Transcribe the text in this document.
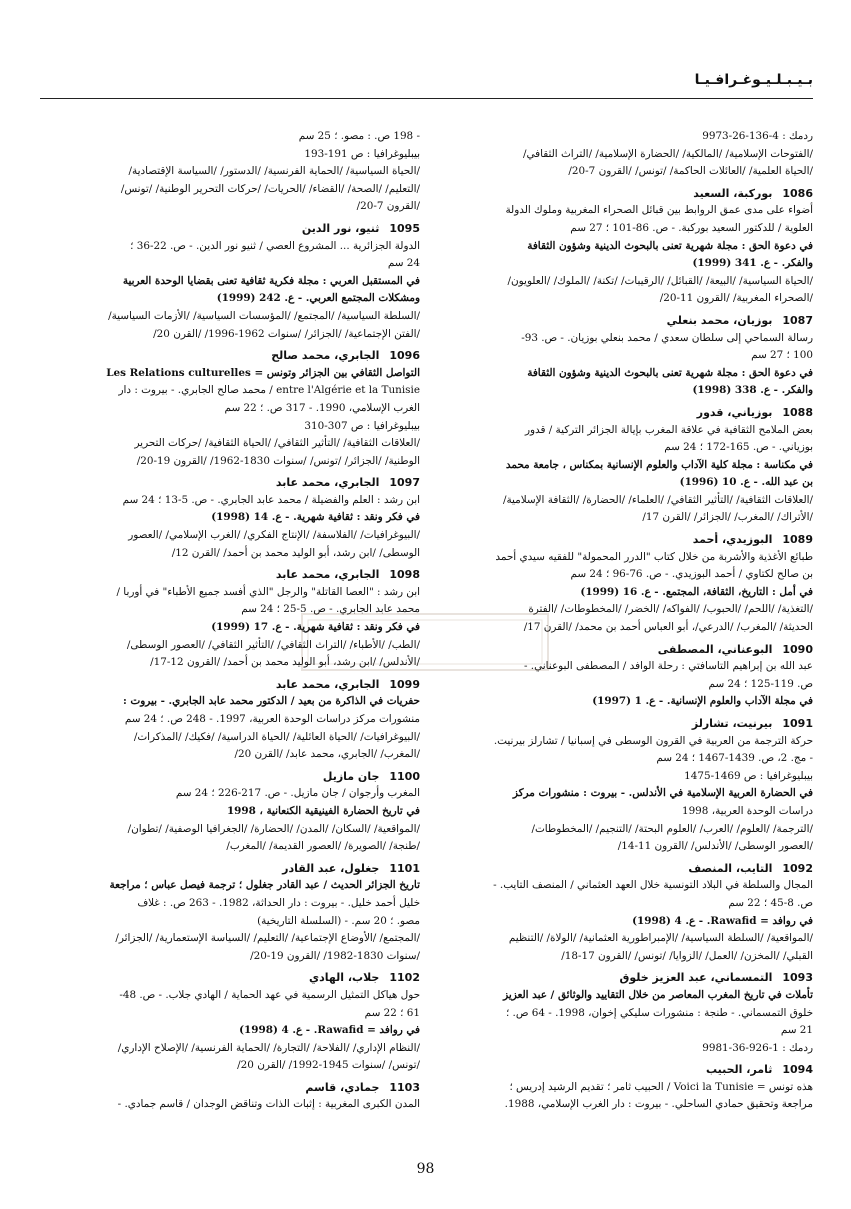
بـيـبـلـيـوغـرافـيـا
ردمك : 4-136-26-9973
/الفتوحات الإسلامية/ /المالكية/ /الحضارة الإسلامية/ /التراث الثقافي/
/الحياة العلمية/ /العائلات الحاكمة/ /تونس/ /القرون 7-20/
1086بوركبة، السعيد
أضواء على مدى عمق الروابط بين قبائل الصحراء المغربية وملوك الدولة
العلوية / للدكتور السعيد بوركبة. - ص. 86-101 ؛ 27 سم
في دعوة الحق : مجلة شهرية تعنى بالبحوث الدينية وشؤون الثقافة
والفكر. - ع. 341 (1999)
/الحياة السياسية/ /البيعة/ /القبائل/ /الرقيبات/ /تكنة/ /الملوك/ /العلويون/
/الصحراء المغربية/ /القرون 11-20/
1087بوزيان، محمد بنعلي
رسالة السماحي إلى سلطان سعدي / محمد بنعلي بوزيان. - ص. 93-
100 ؛ 27 سم
في دعوة الحق : مجلة شهرية تعنى بالبحوث الدينية وشؤون الثقافة
والفكر. - ع. 338 (1998)
1088بوزياني، قدور
بعض الملامح الثقافية في علاقة المغرب بإيالة الجزائر التركية / قدور
بوزياني. - ص. 165-172 ؛ 24 سم
في مكناسة : مجلة كلية الآداب والعلوم الإنسانية بمكناس ، جامعة محمد
بن عبد الله. - ع. 10 (1996)
/العلاقات الثقافية/ /التأثير الثقافي/ /العلماء/ /الحضارة/ /الثقافة الإسلامية/
/الأتراك/ /المغرب/ /الجزائر/ /القرن 17/
1089البوزيدي، أحمد
طبائع الأغذية والأشربة من خلال كتاب "الدرر المحمولة" للفقيه سيدي أحمد
بن صالح لكتاوي / أحمد البوزيدي. - ص. 76-96 ؛ 24 سم
في أمل : التاريخ، الثقافة، المجتمع. - ع. 16 (1999)
/التغذية/ /اللحم/ /الحبوب/ /الفواكه/ /الخضر/ /المخطوطات/ /الفترة
الحديثة/ /المغرب/ /الدرعي/، أبو العباس أحمد بن محمد/ /القرن 17/
1090البوعناني، المصطفى
عبد الله بن إبراهيم التاسافتي : رحلة الوافد / المصطفى البوعناني. -
ص. 119-125 ؛ 24 سم
في مجلة الآداب والعلوم الإنسانية. - ع. 1 (1997)
1091بيرنيت، تشارلز
حركة الترجمة من العربية في القرون الوسطى في إسبانيا / تشارلز بيرنيت.
- مج. 2، ص. 1439-1467 ؛ 24 سم
بيبليوغرافيا : ص 1469-1475
في الحضارة العربية الإسلامية في الأندلس. - بيروت : منشورات مركز
دراسات الوحدة العربية، 1998
/الترجمة/ /العلوم/ /العرب/ /العلوم البحتة/ /التنجيم/ /المخطوطات/
/العصور الوسطى/ /الأندلس/ /القرون 11-14/
1092التايب، المنصف
المجال والسلطة في البلاد التونسية خلال العهد العثماني / المنصف التايب. -
ص. 8-45 ؛ 22 سم
في روافد = Rawafid. - ع. 4 (1998)
/المواقعية/ /السلطة السياسية/ /الإمبراطورية العثمانية/ /الولاة/ /التنظيم
القبلي/ /المخزن/ /العمل/ /الزوايا/ /تونس/ /القرون 17-18/
1093التمسماني، عبد العزيز خلوق
تأملات في تاريخ المغرب المعاصر من خلال التقاييد والوثائق / عبد العزيز
خلوق التمسماني. - طنجة : منشورات سليكي إخوان، 1998. - 64 ص. ؛
21 سم
ردمك : 1-926-36-9981
1094ثامر، الحبيب
هذه تونس = Voici la Tunisie / الحبيب ثامر ؛ تقديم الرشيد إدريس ؛
مراجعة وتحقيق حمادي الساحلي. - بيروت : دار الغرب الإسلامي، 1988.
- 198 ص. : مصو. ؛ 25 سم
بيبليوغرافيا : ص 191-193
/الحياة السياسية/ /الحماية الفرنسية/ /الدستور/ /السياسة الإقتصادية/
/التعليم/ /الصحة/ /القضاء/ /الحريات/ /حركات التحرير الوطنية/ /تونس/
/القرون 7-20/
1095ثنيو، نور الدين
الدولة الجزائرية ... المشروع العصي / ثنيو نور الدين. - ص. 22-36 ؛
24 سم
في المستقبل العربي : مجلة فكرية ثقافية تعنى بقضايا الوحدة العربية
ومشكلات المجتمع العربي. - ع. 242 (1999)
/السلطة السياسية/ /المجتمع/ /المؤسسات السياسية/ /الأزمات السياسية/
/الفتن الإجتماعية/ /الجزائر/ /سنوات 1962-1996/ /القرن 20/
1096الجابري، محمد صالح
التواصل الثقافي بين الجزائر وتونس = Les Relations culturelles
entre l'Algérie et la Tunisie / محمد صالح الجابري. - بيروت : دار
الغرب الإسلامي، 1990. - 317 ص. ؛ 22 سم
بيبليوغرافيا : ص 307-310
/العلاقات الثقافية/ /التأثير الثقافي/ /الحياة الثقافية/ /حركات التحرير
الوطنية/ /الجزائر/ /تونس/ /سنوات 1830-1962/ /القرون 19-20/
1097الجابري، محمد عابد
ابن رشد : العلم والفضيلة / محمد عابد الجابري. - ص. 5-13 ؛ 24 سم
في فكر ونقد : ثقافية شهرية. - ع. 14 (1998)
/البيوغرافيات/ /الفلاسفة/ /الإنتاج الفكري/ /الغرب الإسلامي/ /العصور
الوسطى/ /ابن رشد، أبو الوليد محمد بن أحمد/ /القرن 12/
1098الجابري، محمد عابد
ابن رشد : "العصا القاتلة" والرجل "الذي أفسد جميع الأطباء" في أوربا /
محمد عابد الجابري. - ص. 5-25 ؛ 24 سم
في فكر ونقد : ثقافية شهرية. - ع. 17 (1999)
/الطب/ /الأطباء/ /التراث الثقافي/ /التأثير الثقافي/ /العصور الوسطى/
/الأندلس/ /ابن رشد، أبو الوليد محمد بن أحمد/ /القرون 12-17/
1099الجابري، محمد عابد
حفريات في الذاكرة من بعيد / الدكتور محمد عابد الجابري. - بيروت :
منشورات مركز دراسات الوحدة العربية، 1997. - 248 ص. ؛ 24 سم
/البيوغرافيات/ /الحياة العائلية/ /الحياة الدراسية/ /فكيك/ /المذكرات/
/المغرب/ /الجابري، محمد عابد/ /القرن 20/
1100جان مازيل
المغرب وأرجوان / جان مازيل. - ص. 217-226 ؛ 24 سم
في تاريخ الحضارة الفينيقية الكنعانية ، 1998
/المواقعية/ /السكان/ /المدن/ /الحضارة/ /الجغرافيا الوصفية/ /تطوان/
/طنجة/ /الصويرة/ /العصور القديمة/ /المغرب/
1101جغلول، عبد القادر
تاريخ الجزائر الحديث / عبد القادر جغلول ؛ ترجمة فيصل عباس ؛ مراجعة
خليل أحمد خليل. - بيروت : دار الحداثة، 1982. - 263 ص. : غلاف
مصو. ؛ 20 سم. - (السلسلة التاريخية)
/المجتمع/ /الأوضاع الإجتماعية/ /التعليم/ /السياسة الإستعمارية/ /الجزائر/
/سنوات 1830-1982/ /القرون 19-20/
1102جلاب، الهادي
حول هياكل التمثيل الرسمية في عهد الحماية / الهادي جلاب. - ص. 48-
61 ؛ 22 سم
في روافد = Rawafid. - ع. 4 (1998)
/النظام الإداري/ /الفلاحة/ /التجارة/ /الحماية الفرنسية/ /الإصلاح الإداري/
/تونس/ /سنوات 1945-1992/ /القرن 20/
1103جمادي، قاسم
المدن الكبرى المغربية : إثبات الذات وتناقض الوجدان / قاسم جمادي. -
98
